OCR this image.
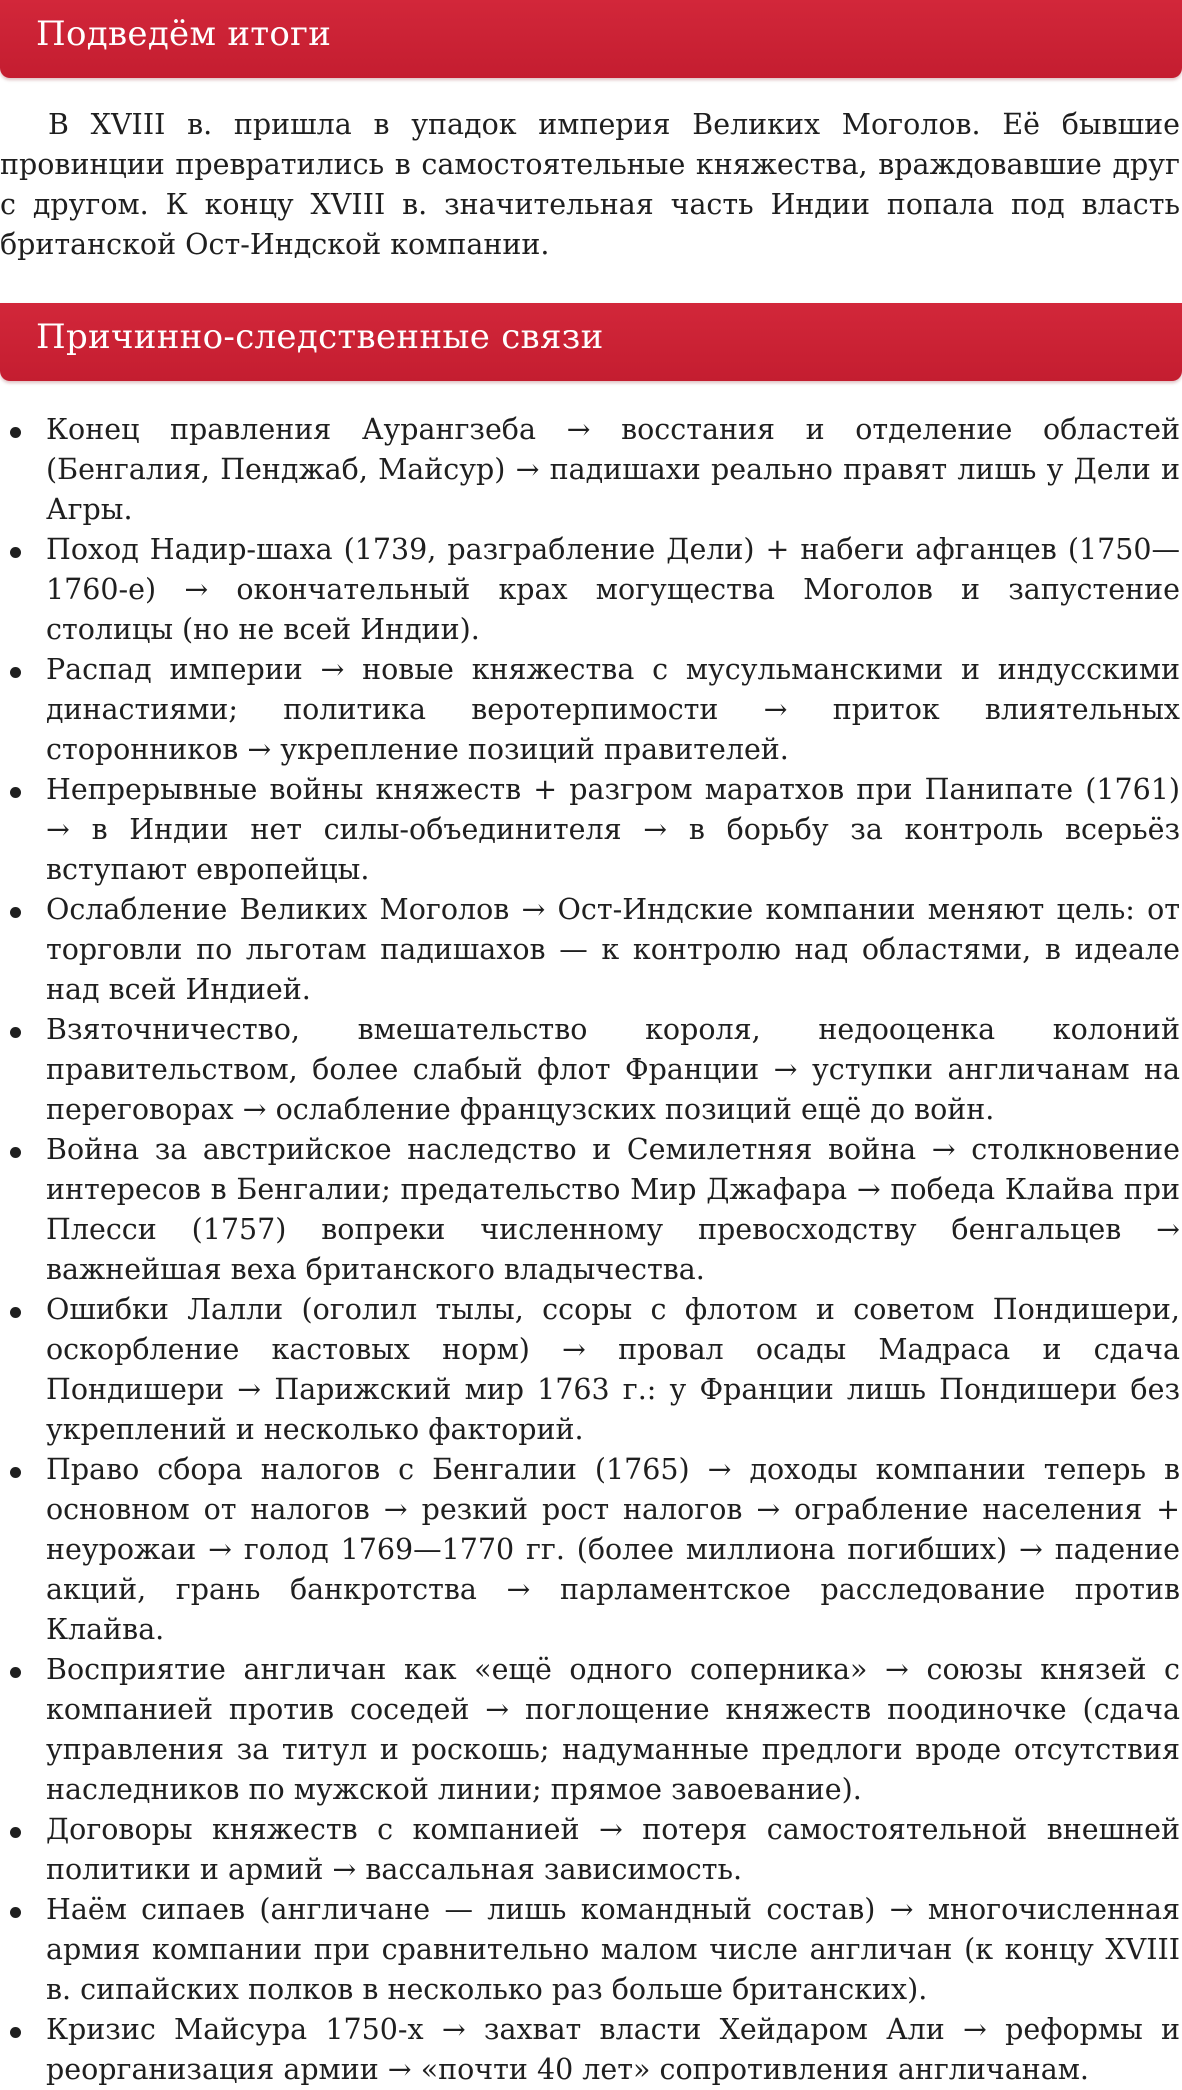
Подведём итоги

В XVIII в. пришла в упадок империя Великих Моголов. Её бывшие провинции превратились в самостоятельные княжества, враждовавшие друг с другом. К концу XVIII в. значительная часть Индии попала под власть британской Ост-Индской компании.

Причинно-следственные связи
Конец правления Аурангзеба → восстания и отделение областей (Бенгалия, Пенджаб, Майсур) → падишахи реально правят лишь у Дели и Агры.
Поход Надир-шаха (1739, разграбление Дели) + набеги афганцев (1750—1760-е) → окончательный крах могущества Моголов и запустение столицы (но не всей Индии).
Распад империи → новые княжества с мусульманскими и индусскими династиями; политика веротерпимости → приток влиятельных сторонников → укрепление позиций правителей.
Непрерывные войны княжеств + разгром маратхов при Панипате (1761) → в Индии нет силы-объединителя → в борьбу за контроль всерьёз вступают европейцы.
Ослабление Великих Моголов → Ост-Индские компании меняют цель: от торговли по льготам падишахов — к контролю над областями, в идеале над всей Индией.
Взяточничество, вмешательство короля, недооценка колоний правительством, более слабый флот Франции → уступки англичанам на переговорах → ослабление французских позиций ещё до войн.
Война за австрийское наследство и Семилетняя война → столкновение интересов в Бенгалии; предательство Мир Джафара → победа Клайва при Плесси (1757) вопреки численному превосходству бенгальцев → важнейшая веха британского владычества.
Ошибки Лалли (оголил тылы, ссоры с флотом и советом Пондишери, оскорбление кастовых норм) → провал осады Мадраса и сдача Пондишери → Парижский мир 1763 г.: у Франции лишь Пондишери без укреплений и несколько факторий.
Право сбора налогов с Бенгалии (1765) → доходы компании теперь в основном от налогов → резкий рост налогов → ограбление населения + неурожаи → голод 1769—1770 гг. (более миллиона погибших) → падение акций, грань банкротства → парламентское расследование против Клайва.
Восприятие англичан как «ещё одного соперника» → союзы князей с компанией против соседей → поглощение княжеств поодиночке (сдача управления за титул и роскошь; надуманные предлоги вроде отсутствия наследников по мужской линии; прямое завоевание).
Договоры княжеств с компанией → потеря самостоятельной внешней политики и армий → вассальная зависимость.
Наём сипаев (англичане — лишь командный состав) → многочисленная армия компании при сравнительно малом числе англичан (к концу XVIII в. сипайских полков в несколько раз больше британских).
Кризис Майсура 1750-х → захват власти Хейдаром Али → реформы и реорганизация армии → «почти 40 лет» сопротивления англичанам.
